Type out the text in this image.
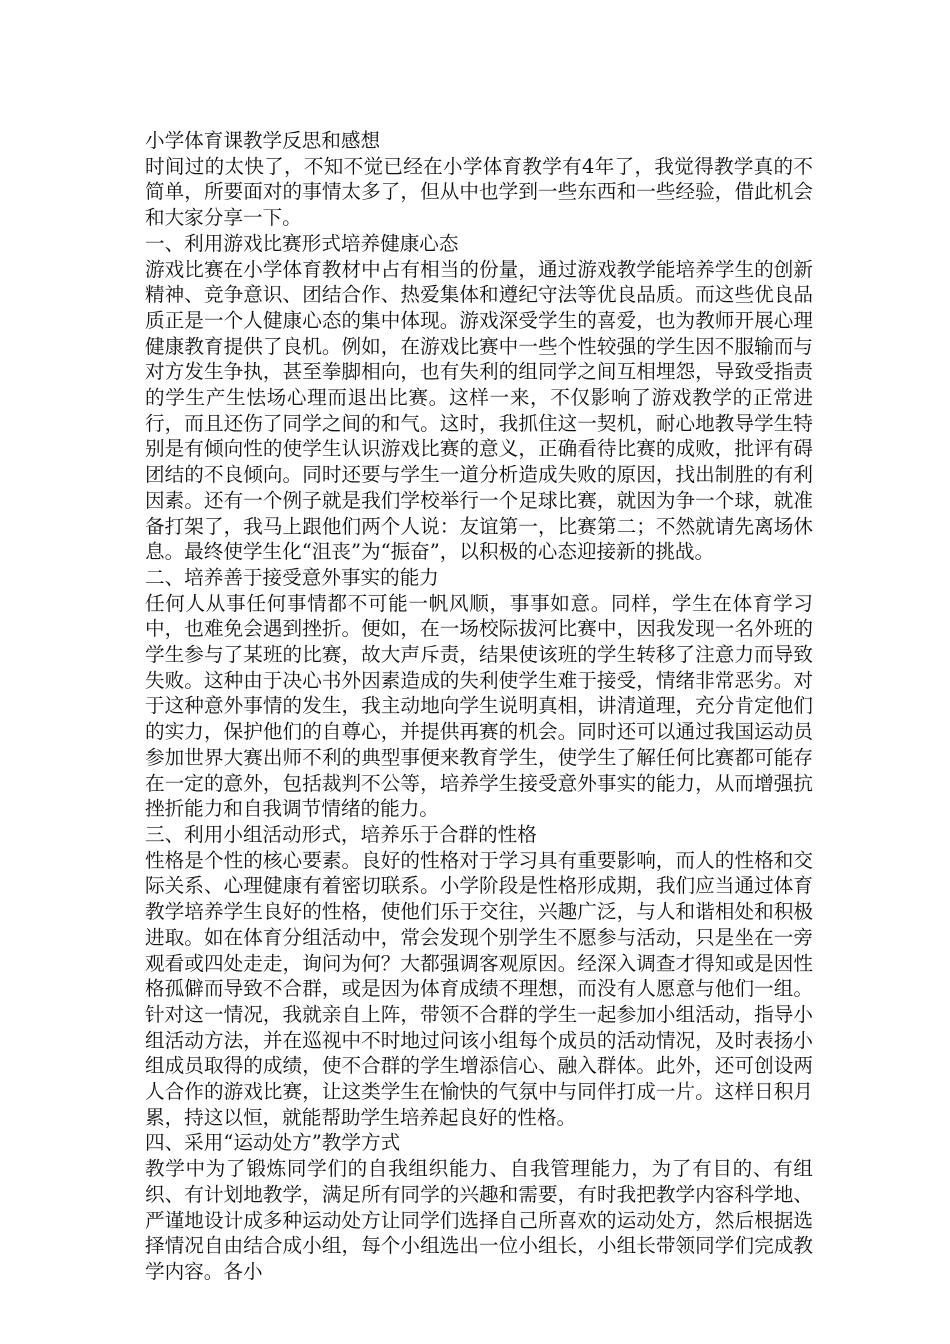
小学体育课教学反思和感想

时间过的太快了，不知不觉已经在小学体育教学有4年了，我觉得教学真的不简单，所要面对的事情太多了，但从中也学到一些东西和一些经验，借此机会和大家分享一下。

一、利用游戏比赛形式培养健康心态

游戏比赛在小学体育教材中占有相当的份量，通过游戏教学能培养学生的创新精神、竞争意识、团结合作、热爱集体和遵纪守法等优良品质。而这些优良品质正是一个人健康心态的集中体现。游戏深受学生的喜爱，也为教师开展心理健康教育提供了良机。例如，在游戏比赛中一些个性较强的学生因不服输而与对方发生争执，甚至拳脚相向，也有失利的组同学之间互相埋怨，导致受指责的学生产生怯场心理而退出比赛。这样一来，不仅影响了游戏教学的正常进行，而且还伤了同学之间的和气。这时，我抓住这一契机，耐心地教导学生特别是有倾向性的使学生认识游戏比赛的意义，正确看待比赛的成败，批评有碍团结的不良倾向。同时还要与学生一道分析造成失败的原因，找出制胜的有利因素。还有一个例子就是我们学校举行一个足球比赛，就因为争一个球，就准备打架了，我马上跟他们两个人说：友谊第一，比赛第二；不然就请先离场休息。最终使学生化“沮丧”为“振奋”，以积极的心态迎接新的挑战。

二、培养善于接受意外事实的能力

任何人从事任何事情都不可能一帆风顺，事事如意。同样，学生在体育学习中，也难免会遇到挫折。便如，在一场校际拔河比赛中，因我发现一名外班的学生参与了某班的比赛，故大声斥责，结果使该班的学生转移了注意力而导致失败。这种由于决心书外因素造成的失利使学生难于接受，情绪非常恶劣。对于这种意外事情的发生，我主动地向学生说明真相，讲清道理，充分肯定他们的实力，保护他们的自尊心，并提供再赛的机会。同时还可以通过我国运动员参加世界大赛出师不利的典型事便来教育学生，使学生了解任何比赛都可能存在一定的意外，包括裁判不公等，培养学生接受意外事实的能力，从而增强抗挫折能力和自我调节情绪的能力。

三、利用小组活动形式，培养乐于合群的性格

性格是个性的核心要素。良好的性格对于学习具有重要影响，而人的性格和交际关系、心理健康有着密切联系。小学阶段是性格形成期，我们应当通过体育教学培养学生良好的性格，使他们乐于交往，兴趣广泛，与人和谐相处和积极进取。如在体育分组活动中，常会发现个别学生不愿参与活动，只是坐在一旁观看或四处走走，询问为何？大都强调客观原因。经深入调查才得知或是因性格孤僻而导致不合群，或是因为体育成绩不理想，而没有人愿意与他们一组。针对这一情况，我就亲自上阵，带领不合群的学生一起参加小组活动，指导小组活动方法，并在巡视中不时地过问该小组每个成员的活动情况，及时表扬小组成员取得的成绩，使不合群的学生增添信心、融入群体。此外，还可创设两人合作的游戏比赛，让这类学生在愉快的气氛中与同伴打成一片。这样日积月累，持这以恒，就能帮助学生培养起良好的性格。

四、采用“运动处方”教学方式

教学中为了锻炼同学们的自我组织能力、自我管理能力，为了有目的、有组织、有计划地教学，满足所有同学的兴趣和需要，有时我把教学内容科学地、严谨地设计成多种运动处方让同学们选择自己所喜欢的运动处方，然后根据选择情况自由结合成小组，每个小组选出一位小组长，小组长带领同学们完成教学内容。各小
